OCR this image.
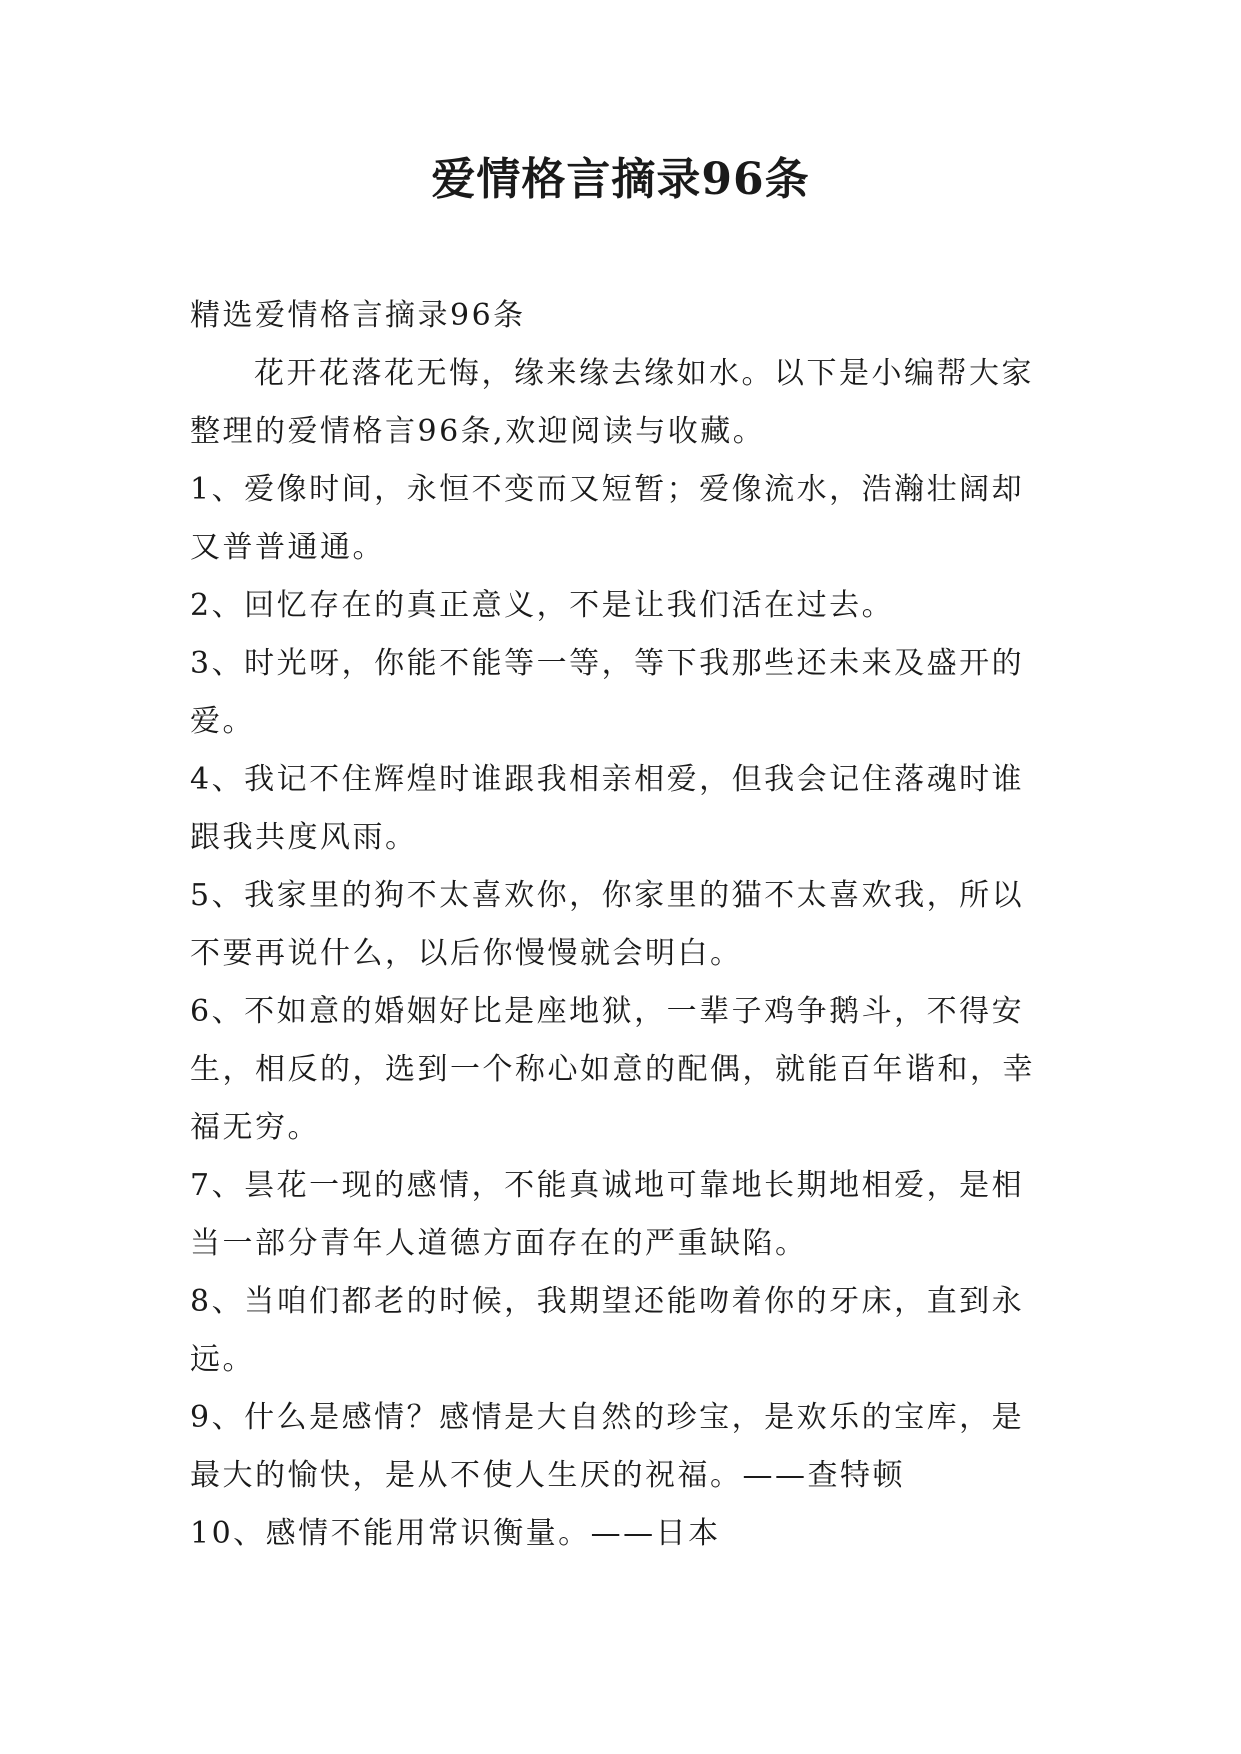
爱情格言摘录96条

精选爱情格言摘录96条

花开花落花无悔，缘来缘去缘如水。以下是小编帮大家整理的爱情格言96条,欢迎阅读与收藏。

1、爱像时间，永恒不变而又短暂；爱像流水，浩瀚壮阔却又普普通通。

2、回忆存在的真正意义，不是让我们活在过去。

3、时光呀，你能不能等一等，等下我那些还未来及盛开的爱。

4、我记不住辉煌时谁跟我相亲相爱，但我会记住落魂时谁跟我共度风雨。

5、我家里的狗不太喜欢你，你家里的猫不太喜欢我，所以不要再说什么，以后你慢慢就会明白。

6、不如意的婚姻好比是座地狱，一辈子鸡争鹅斗，不得安生，相反的，选到一个称心如意的配偶，就能百年谐和，幸福无穷。

7、昙花一现的感情，不能真诚地可靠地长期地相爱，是相当一部分青年人道德方面存在的严重缺陷。

8、当咱们都老的时候，我期望还能吻着你的牙床，直到永远。

9、什么是感情？感情是大自然的珍宝，是欢乐的宝库，是最大的愉快，是从不使人生厌的祝福。——查特顿

10、感情不能用常识衡量。——日本
